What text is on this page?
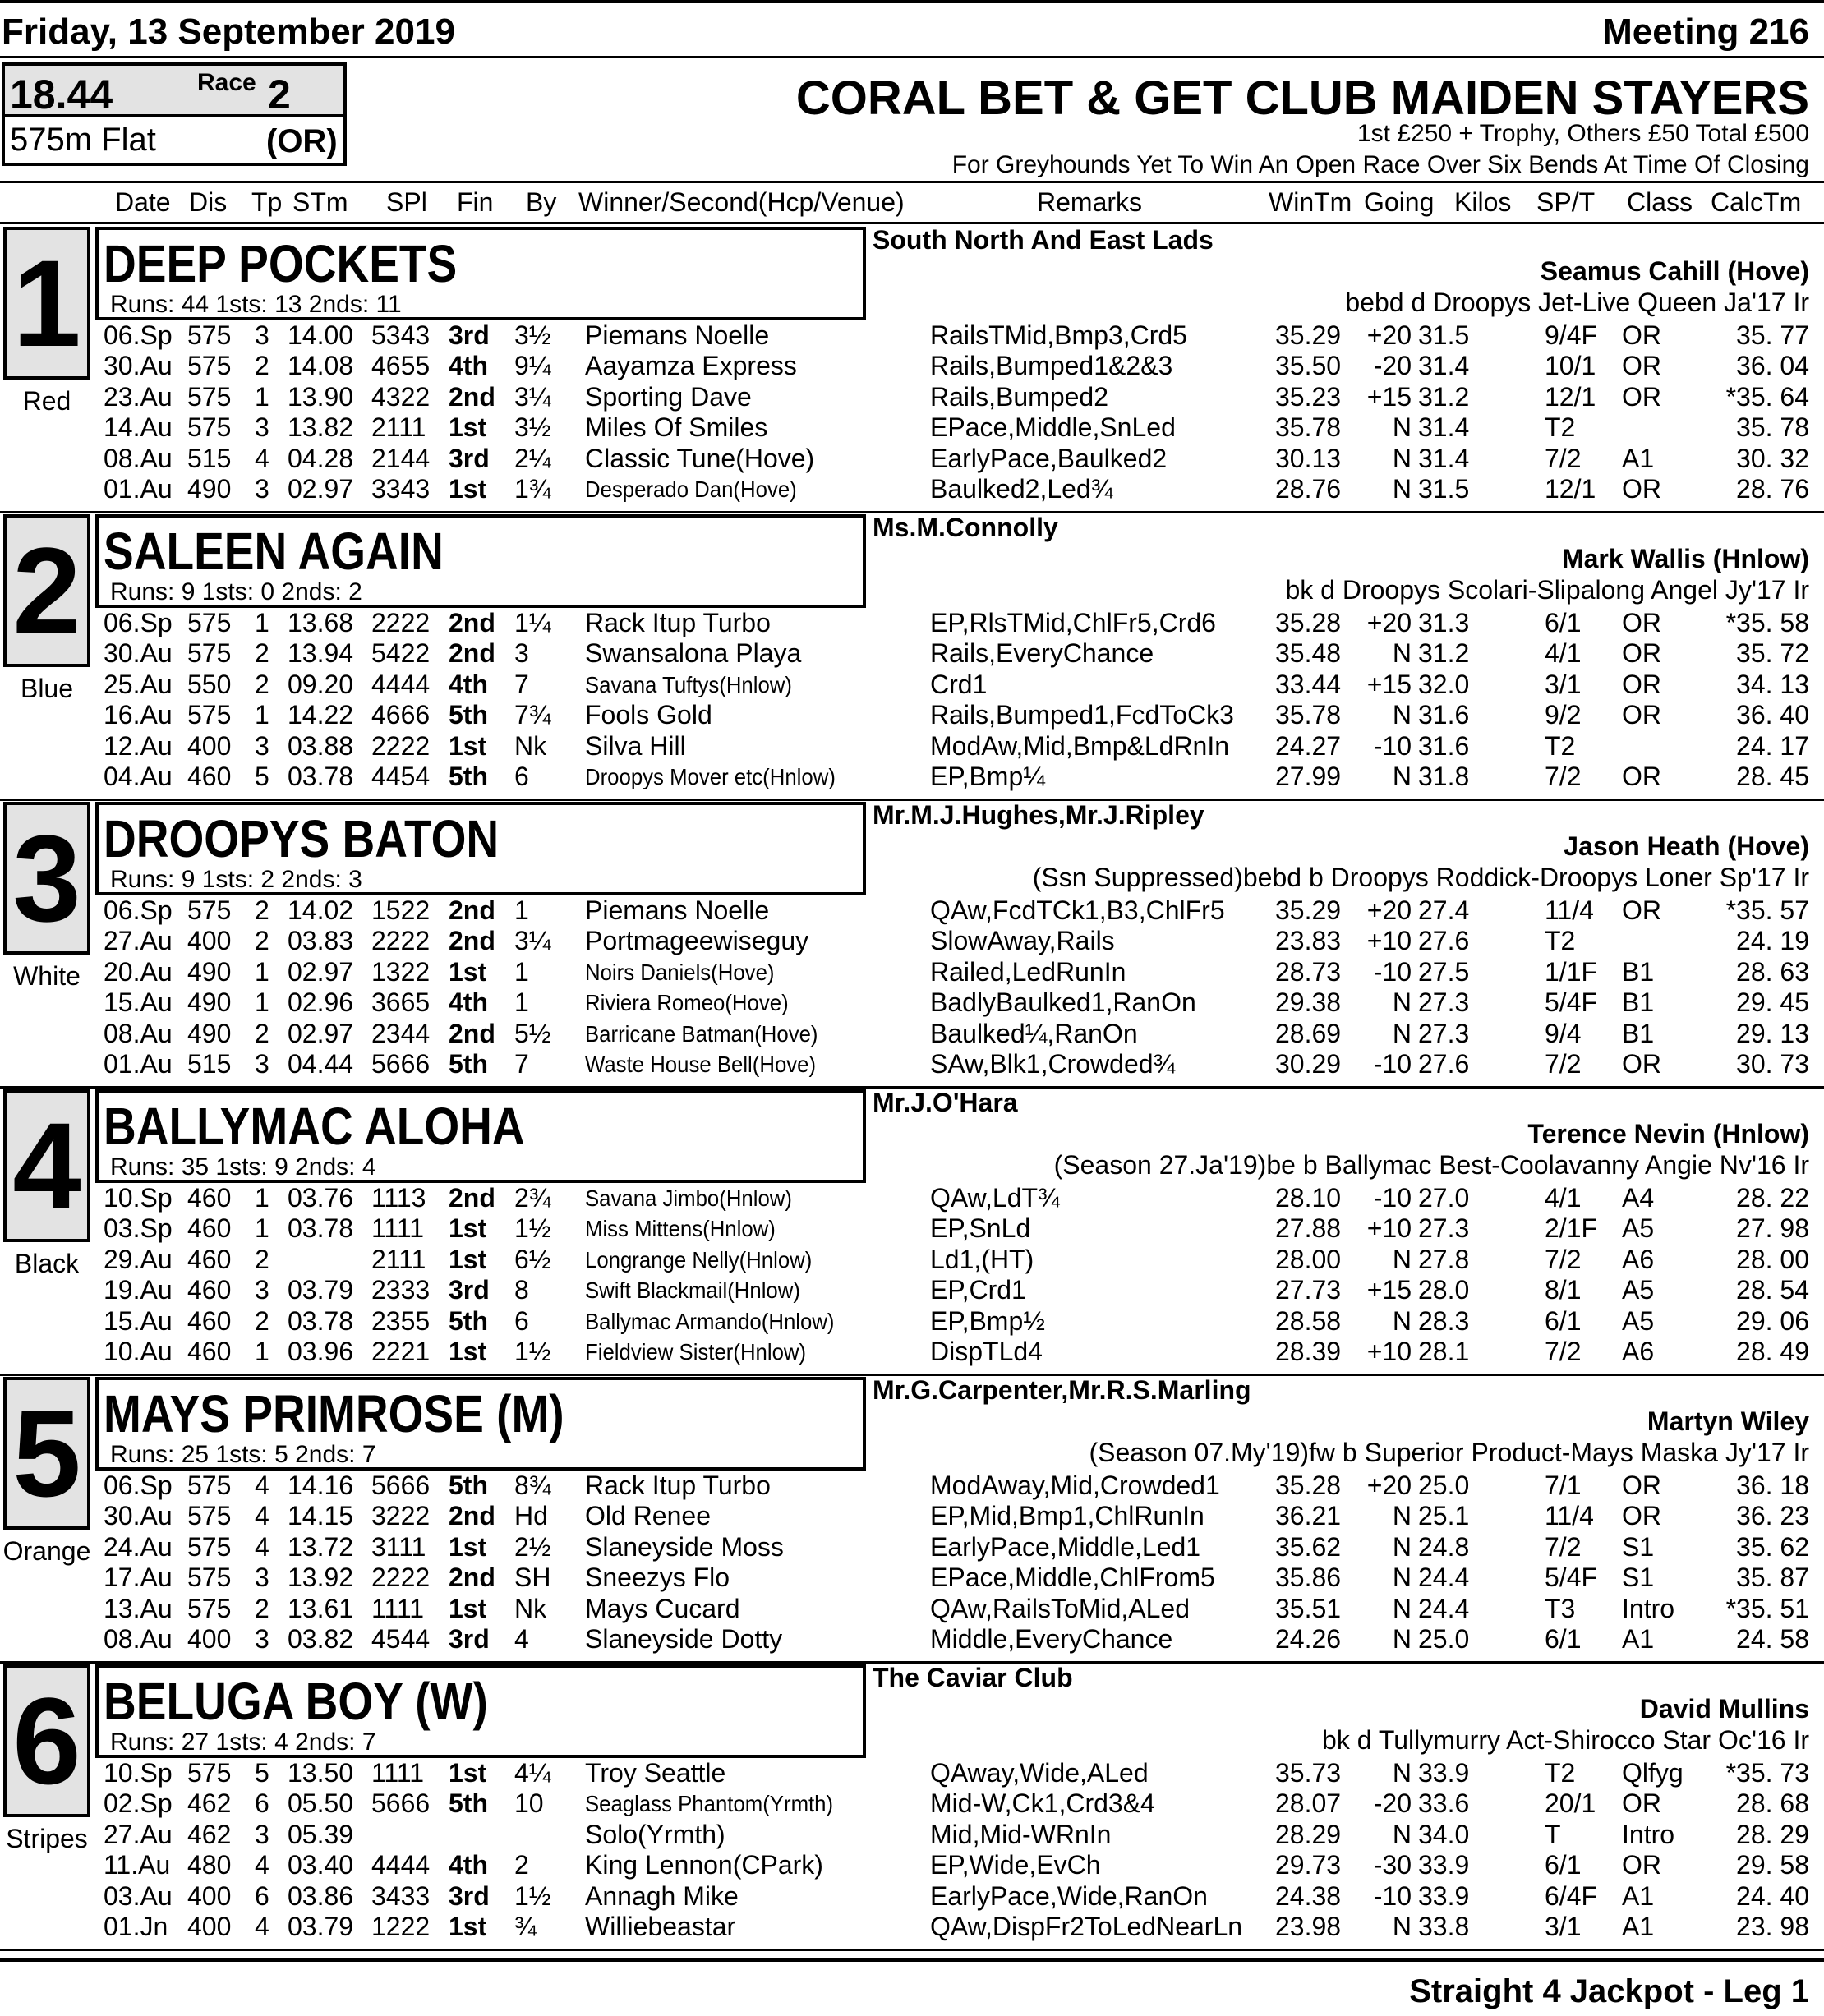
Friday, 13 September 2019	Meeting 216
18.44	Race 2
575m Flat	(OR)
CORAL BET & GET CLUB MAIDEN STAYERS
1st £250 + Trophy, Others £50 Total £500
For Greyhounds Yet To Win An Open Race Over Six Bends At Time Of Closing
Date Dis Tp STm SPl Fin By Winner/Second(Hcp/Venue)	Remarks	WinTm Going Kilos SP/T Class CalcTm
1
Red
DEEP POCKETS
Runs: 44 1sts: 13 2nds: 11
South North And East Lads
Seamus Cahill (Hove)
bebd d Droopys Jet-Live Queen Ja'17 Ir
06.Sp 575 3 14.00 5343 3rd 3½ Piemans Noelle	RailsTMid,Bmp3,Crd5	35.29 +20 31.5	9/4F OR	35. 77
30.Au 575 2 14.08 4655 4th 9¼ Aayamza Express	Rails,Bumped1&2&3	35.50	-20 31.4	10/1 OR	36. 04
23.Au 575 1 13.90 4322 2nd 3¼ Sporting Dave	Rails,Bumped2	35.23 +15 31.2	12/1 OR *35. 64
14.Au 575 3 13.82 2111 1st 3½ Miles Of Smiles	EPace,Middle,SnLed	35.78	N 31.4	T2	35. 78
08.Au 515 4 04.28 2144 3rd 2¼ Classic Tune(Hove)	EarlyPace,Baulked2	30.13	N 31.4	7/2 A1	30. 32
01.Au 490 3 02.97 3343 1st 1¾ Desperado Dan(Hove)	Baulked2,Led¾	28.76	N 31.5	12/1 OR	28. 76
2
Blue
SALEEN AGAIN
Runs: 9 1sts: 0 2nds: 2
Ms.M.Connolly
Mark Wallis (Hnlow)
bk d Droopys Scolari-Slipalong Angel Jy'17 Ir
06.Sp 575 1 13.68 2222 2nd 1¼ Rack Itup Turbo	EP,RlsTMid,ChlFr5,Crd6 35.28 +20 31.3	6/1 OR *35. 58
30.Au 575 2 13.94 5422 2nd 3 Swansalona Playa	Rails,EveryChance	35.48	N 31.2	4/1 OR	35. 72
25.Au 550 2 09.20 4444 4th 7 Savana Tuftys(Hnlow)	Crd1	33.44 +15 32.0	3/1 OR	34. 13
16.Au 575 1 14.22 4666 5th 7¾ Fools Gold	Rails,Bumped1,FcdToCk3 35.78	N 31.6	9/2 OR	36. 40
12.Au 400 3 03.88 2222 1st Nk Silva Hill	ModAw,Mid,Bmp&LdRnIn 24.27	-10 31.6	T2	24. 17
04.Au 460 5 03.78 4454 5th 6 Droopys Mover etc(Hnlow)	EP,Bmp¼	27.99	N 31.8	7/2 OR	28. 45
3
White
DROOPYS BATON
Runs: 9 1sts: 2 2nds: 3
Mr.M.J.Hughes,Mr.J.Ripley
Jason Heath (Hove)
(Ssn Suppressed)bebd b Droopys Roddick-Droopys Loner Sp'17 Ir
06.Sp 575 2 14.02 1522 2nd 1 Piemans Noelle	QAw,FcdTCk1,B3,ChlFr5 35.29 +20 27.4	11/4 OR *35. 57
27.Au 400 2 03.83 2222 2nd 3¼ Portmageewiseguy	SlowAway,Rails	23.83 +10 27.6	T2	24. 19
20.Au 490 1 02.97 1322 1st 1 Noirs Daniels(Hove)	Railed,LedRunIn	28.73	-10 27.5	1/1F B1	28. 63
15.Au 490 1 02.96 3665 4th 1 Riviera Romeo(Hove)	BadlyBaulked1,RanOn	29.38	N 27.3	5/4F B1	29. 45
08.Au 490 2 02.97 2344 2nd 5½ Barricane Batman(Hove)	Baulked¼,RanOn	28.69	N 27.3	9/4 B1	29. 13
01.Au 515 3 04.44 5666 5th 7 Waste House Bell(Hove)	SAw,Blk1,Crowded¾	30.29	-10 27.6	7/2 OR	30. 73
4
Black
BALLYMAC ALOHA
Runs: 35 1sts: 9 2nds: 4
Mr.J.O'Hara
Terence Nevin (Hnlow)
(Season 27.Ja'19)be b Ballymac Best-Coolavanny Angie Nv'16 Ir
10.Sp 460 1 03.76 1113 2nd 2¾ Savana Jimbo(Hnlow)	QAw,LdT¾	28.10	-10 27.0	4/1 A4	28. 22
03.Sp 460 1 03.78 1111 1st 1½ Miss Mittens(Hnlow)	EP,SnLd	27.88 +10 27.3	2/1F A5	27. 98
29.Au 460 2	2111 1st 6½ Longrange Nelly(Hnlow)	Ld1,(HT)	28.00	N 27.8	7/2 A6	28. 00
19.Au 460 3 03.79 2333 3rd 8 Swift Blackmail(Hnlow)	EP,Crd1	27.73 +15 28.0	8/1 A5	28. 54
15.Au 460 2 03.78 2355 5th 6 Ballymac Armando(Hnlow)	EP,Bmp½	28.58	N 28.3	6/1 A5	29. 06
10.Au 460 1 03.96 2221 1st 1½ Fieldview Sister(Hnlow)	DispTLd4	28.39 +10 28.1	7/2 A6	28. 49
5
Orange
MAYS PRIMROSE (M)
Runs: 25 1sts: 5 2nds: 7
Mr.G.Carpenter,Mr.R.S.Marling
Martyn Wiley
(Season 07.My'19)fw b Superior Product-Mays Maska Jy'17 Ir
06.Sp 575 4 14.16 5666 5th 8¾ Rack Itup Turbo	ModAway,Mid,Crowded1 35.28 +20 25.0	7/1 OR	36. 18
30.Au 575 4 14.15 3222 2nd Hd Old Renee	EP,Mid,Bmp1,ChlRunIn	36.21	N 25.1	11/4 OR	36. 23
24.Au 575 4 13.72 3111 1st 2½ Slaneyside Moss	EarlyPace,Middle,Led1	35.62	N 24.8	7/2 S1	35. 62
17.Au 575 3 13.92 2222 2nd SH Sneezys Flo	EPace,Middle,ChlFrom5 35.86	N 24.4	5/4F S1	35. 87
13.Au 575 2 13.61 1111 1st Nk Mays Cucard	QAw,RailsToMid,ALed	35.51	N 24.4	T3 Intro *35. 51
08.Au 400 3 03.82 4544 3rd 4 Slaneyside Dotty	Middle,EveryChance	24.26	N 25.0	6/1 A1	24. 58
6
Stripes
BELUGA BOY (W)
Runs: 27 1sts: 4 2nds: 7
The Caviar Club
David Mullins
bk d Tullymurry Act-Shirocco Star Oc'16 Ir
10.Sp 575 5 13.50 1111 1st 4¼ Troy Seattle	QAway,Wide,ALed	35.73	N 33.9	T2 Qlfyg *35. 73
02.Sp 462 6 05.50 5666 5th 10 Seaglass Phantom(Yrmth)	Mid-W,Ck1,Crd3&4	28.07	-20 33.6	20/1 OR	28. 68
27.Au 462 3 05.39	Solo(Yrmth)	Mid,Mid-WRnIn	28.29	N 34.0	T Intro 28. 29
11.Au 480 4 03.40 4444 4th 2 King Lennon(CPark)	EP,Wide,EvCh	29.73	-30 33.9	6/1 OR	29. 58
03.Au 400 6 03.86 3433 3rd 1½ Annagh Mike	EarlyPace,Wide,RanOn	24.38	-10 33.9	6/4F A1	24. 40
01.Jn 400 4 03.79 1222 1st ¾ Williebeastar	QAw,DispFr2ToLedNearLn 23.98	N 33.8	3/1 A1	23. 98
Straight 4 Jackpot - Leg 1
